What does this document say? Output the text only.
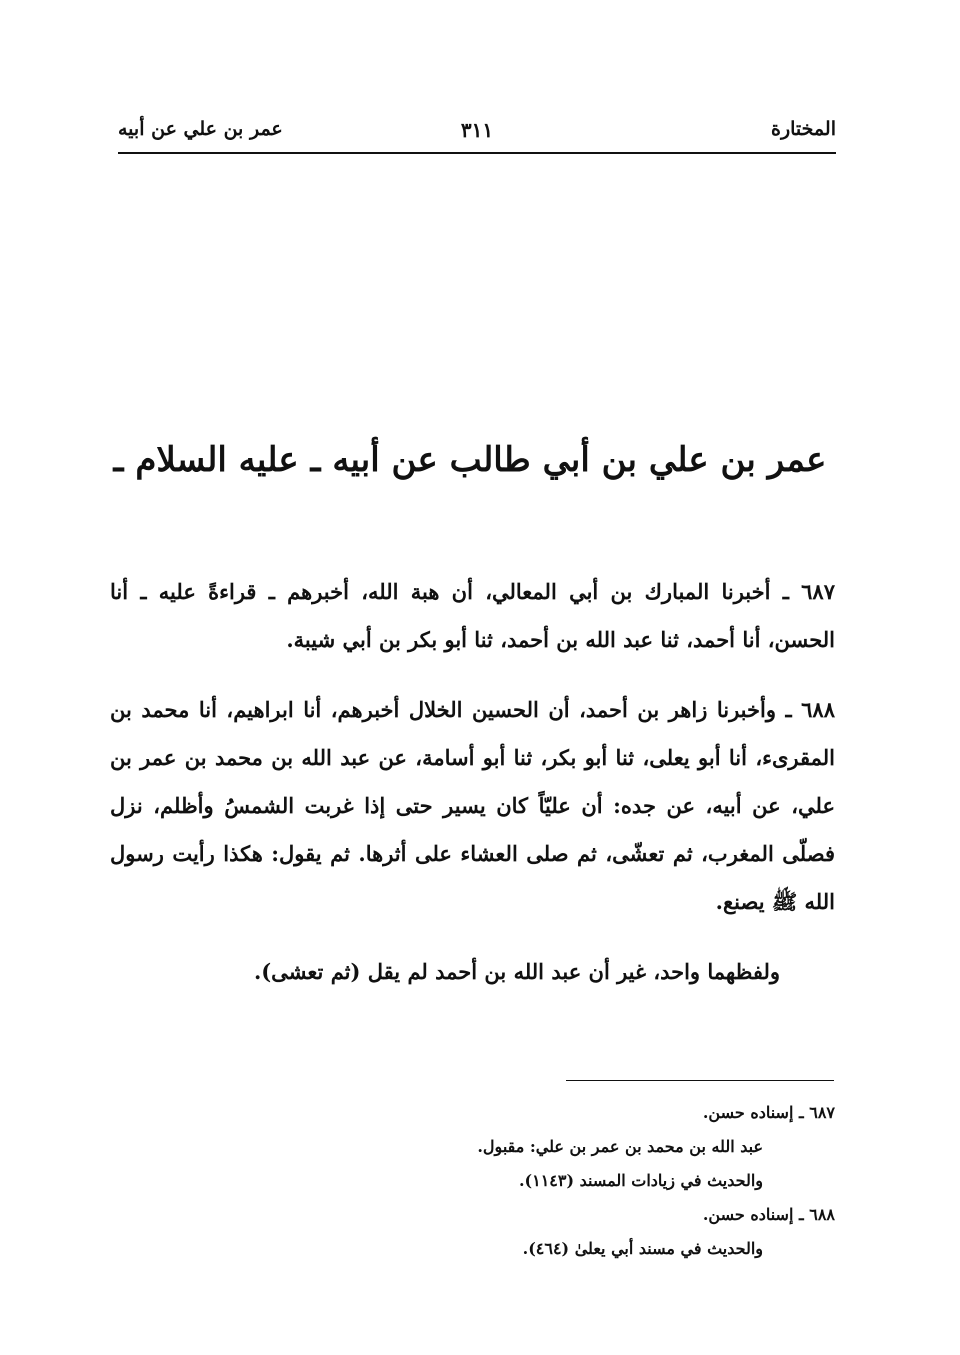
المختارة
٣١١
عمر بن علي عن أبيه
عمر بن علي بن أبي طالب عن أبيه ـ عليه السلام ـ

٦٨٧ ـ أخبرنا المبارك بن أبي المعالي، أن هبة الله، أخبرهم ـ قراءةً عليه ـ أنا الحسن، أنا أحمد، ثنا عبد الله بن أحمد، ثنا أبو بكر بن أبي شيبة.

٦٨٨ ـ وأخبرنا زاهر بن أحمد، أن الحسين الخلال أخبرهم، أنا ابراهيم، أنا محمد بن المقرىء، أنا أبو يعلى، ثنا أبو بكر، ثنا أبو أسامة، عن عبد الله بن محمد بن عمر بن علي، عن أبيه، عن جده: أن عليّاً كان يسير حتى إذا غربت الشمسُ وأظلم، نزل فصلّى المغرب، ثم تعشّى، ثم صلى العشاء على أثرها. ثم يقول: هكذا رأيت رسول الله ﷺ يصنع.

ولفظهما واحد، غير أن عبد الله بن أحمد لم يقل (ثم تعشى).

٦٨٧ ـ إسناده حسن.
عبد الله بن محمد بن عمر بن علي: مقبول.
والحديث في زيادات المسند (١١٤٣).
٦٨٨ ـ إسناده حسن.
والحديث في مسند أبي يعلىٰ (٤٦٤).
